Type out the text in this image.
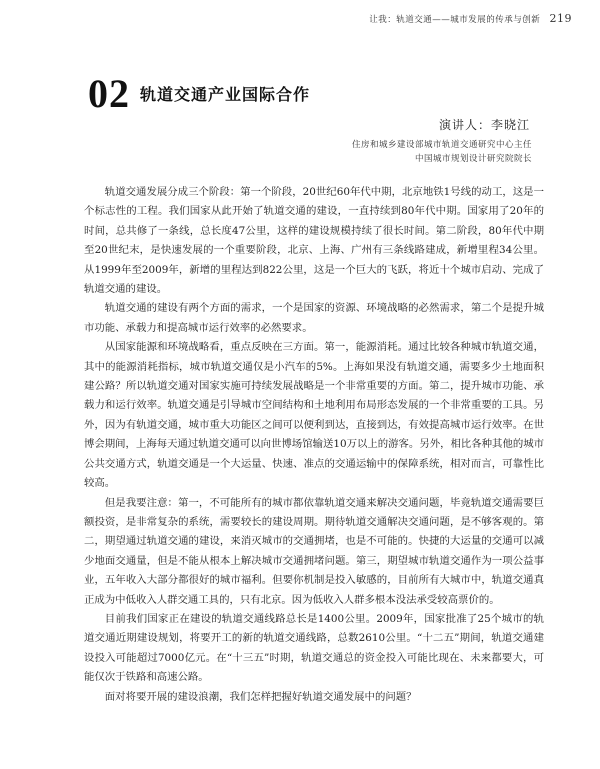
让我：轨道交通——城市发展的传承与创新 219
02 轨道交通产业国际合作
演讲人：李晓江
住房和城乡建设部城市轨道交通研究中心主任
中国城市规划设计研究院院长

轨道交通发展分成三个阶段：第一个阶段，20世纪60年代中期，北京地铁1号线的动工，这是一个标志性的工程。我们国家从此开始了轨道交通的建设，一直持续到80年代中期。国家用了20年的时间，总共修了一条线，总长度47公里，这样的建设规模持续了很长时间。第二阶段，80年代中期至20世纪末，是快速发展的一个重要阶段，北京、上海、广州有三条线路建成，新增里程34公里。从1999年至2009年，新增的里程达到822公里，这是一个巨大的飞跃，将近十个城市启动、完成了轨道交通的建设。

轨道交通的建设有两个方面的需求，一个是国家的资源、环境战略的必然需求，第二个是提升城市功能、承载力和提高城市运行效率的必然要求。

从国家能源和环境战略看，重点反映在三方面。第一，能源消耗。通过比较各种城市轨道交通，其中的能源消耗指标，城市轨道交通仅是小汽车的5%。上海如果没有轨道交通，需要多少土地面积建公路？所以轨道交通对国家实施可持续发展战略是一个非常重要的方面。第二，提升城市功能、承载力和运行效率。轨道交通是引导城市空间结构和土地利用布局形态发展的一个非常重要的工具。另外，因为有轨道交通，城市重大功能区之间可以便利到达，直接到达，有效提高城市运行效率。在世博会期间，上海每天通过轨道交通可以向世博场馆输送10万以上的游客。另外，相比各种其他的城市公共交通方式，轨道交通是一个大运量、快速、准点的交通运输中的保障系统，相对而言，可靠性比较高。

但是我要注意：第一，不可能所有的城市都依靠轨道交通来解决交通问题，毕竟轨道交通需要巨额投资，是非常复杂的系统，需要较长的建设周期。期待轨道交通解决交通问题，是不够客观的。第二，期望通过轨道交通的建设，来消灭城市的交通拥堵，也是不可能的。快捷的大运量的交通可以减少地面交通量，但是不能从根本上解决城市交通拥堵问题。第三，期望城市轨道交通作为一项公益事业，五年收入大部分都很好的城市福利。但要你机制是投入敏感的，目前所有大城市中，轨道交通真正成为中低收入人群交通工具的，只有北京。因为低收入人群多根本没法承受较高票价的。

目前我们国家正在建设的轨道交通线路总长是1400公里。2009年，国家批准了25个城市的轨道交通近期建设规划，将要开工的新的轨道交通线路，总数2610公里。“十二五”期间，轨道交通建设投入可能超过7000亿元。在“十三五”时期，轨道交通总的资金投入可能比现在、未来都要大，可能仅次于铁路和高速公路。

面对将要开展的建设浪潮，我们怎样把握好轨道交通发展中的问题？
